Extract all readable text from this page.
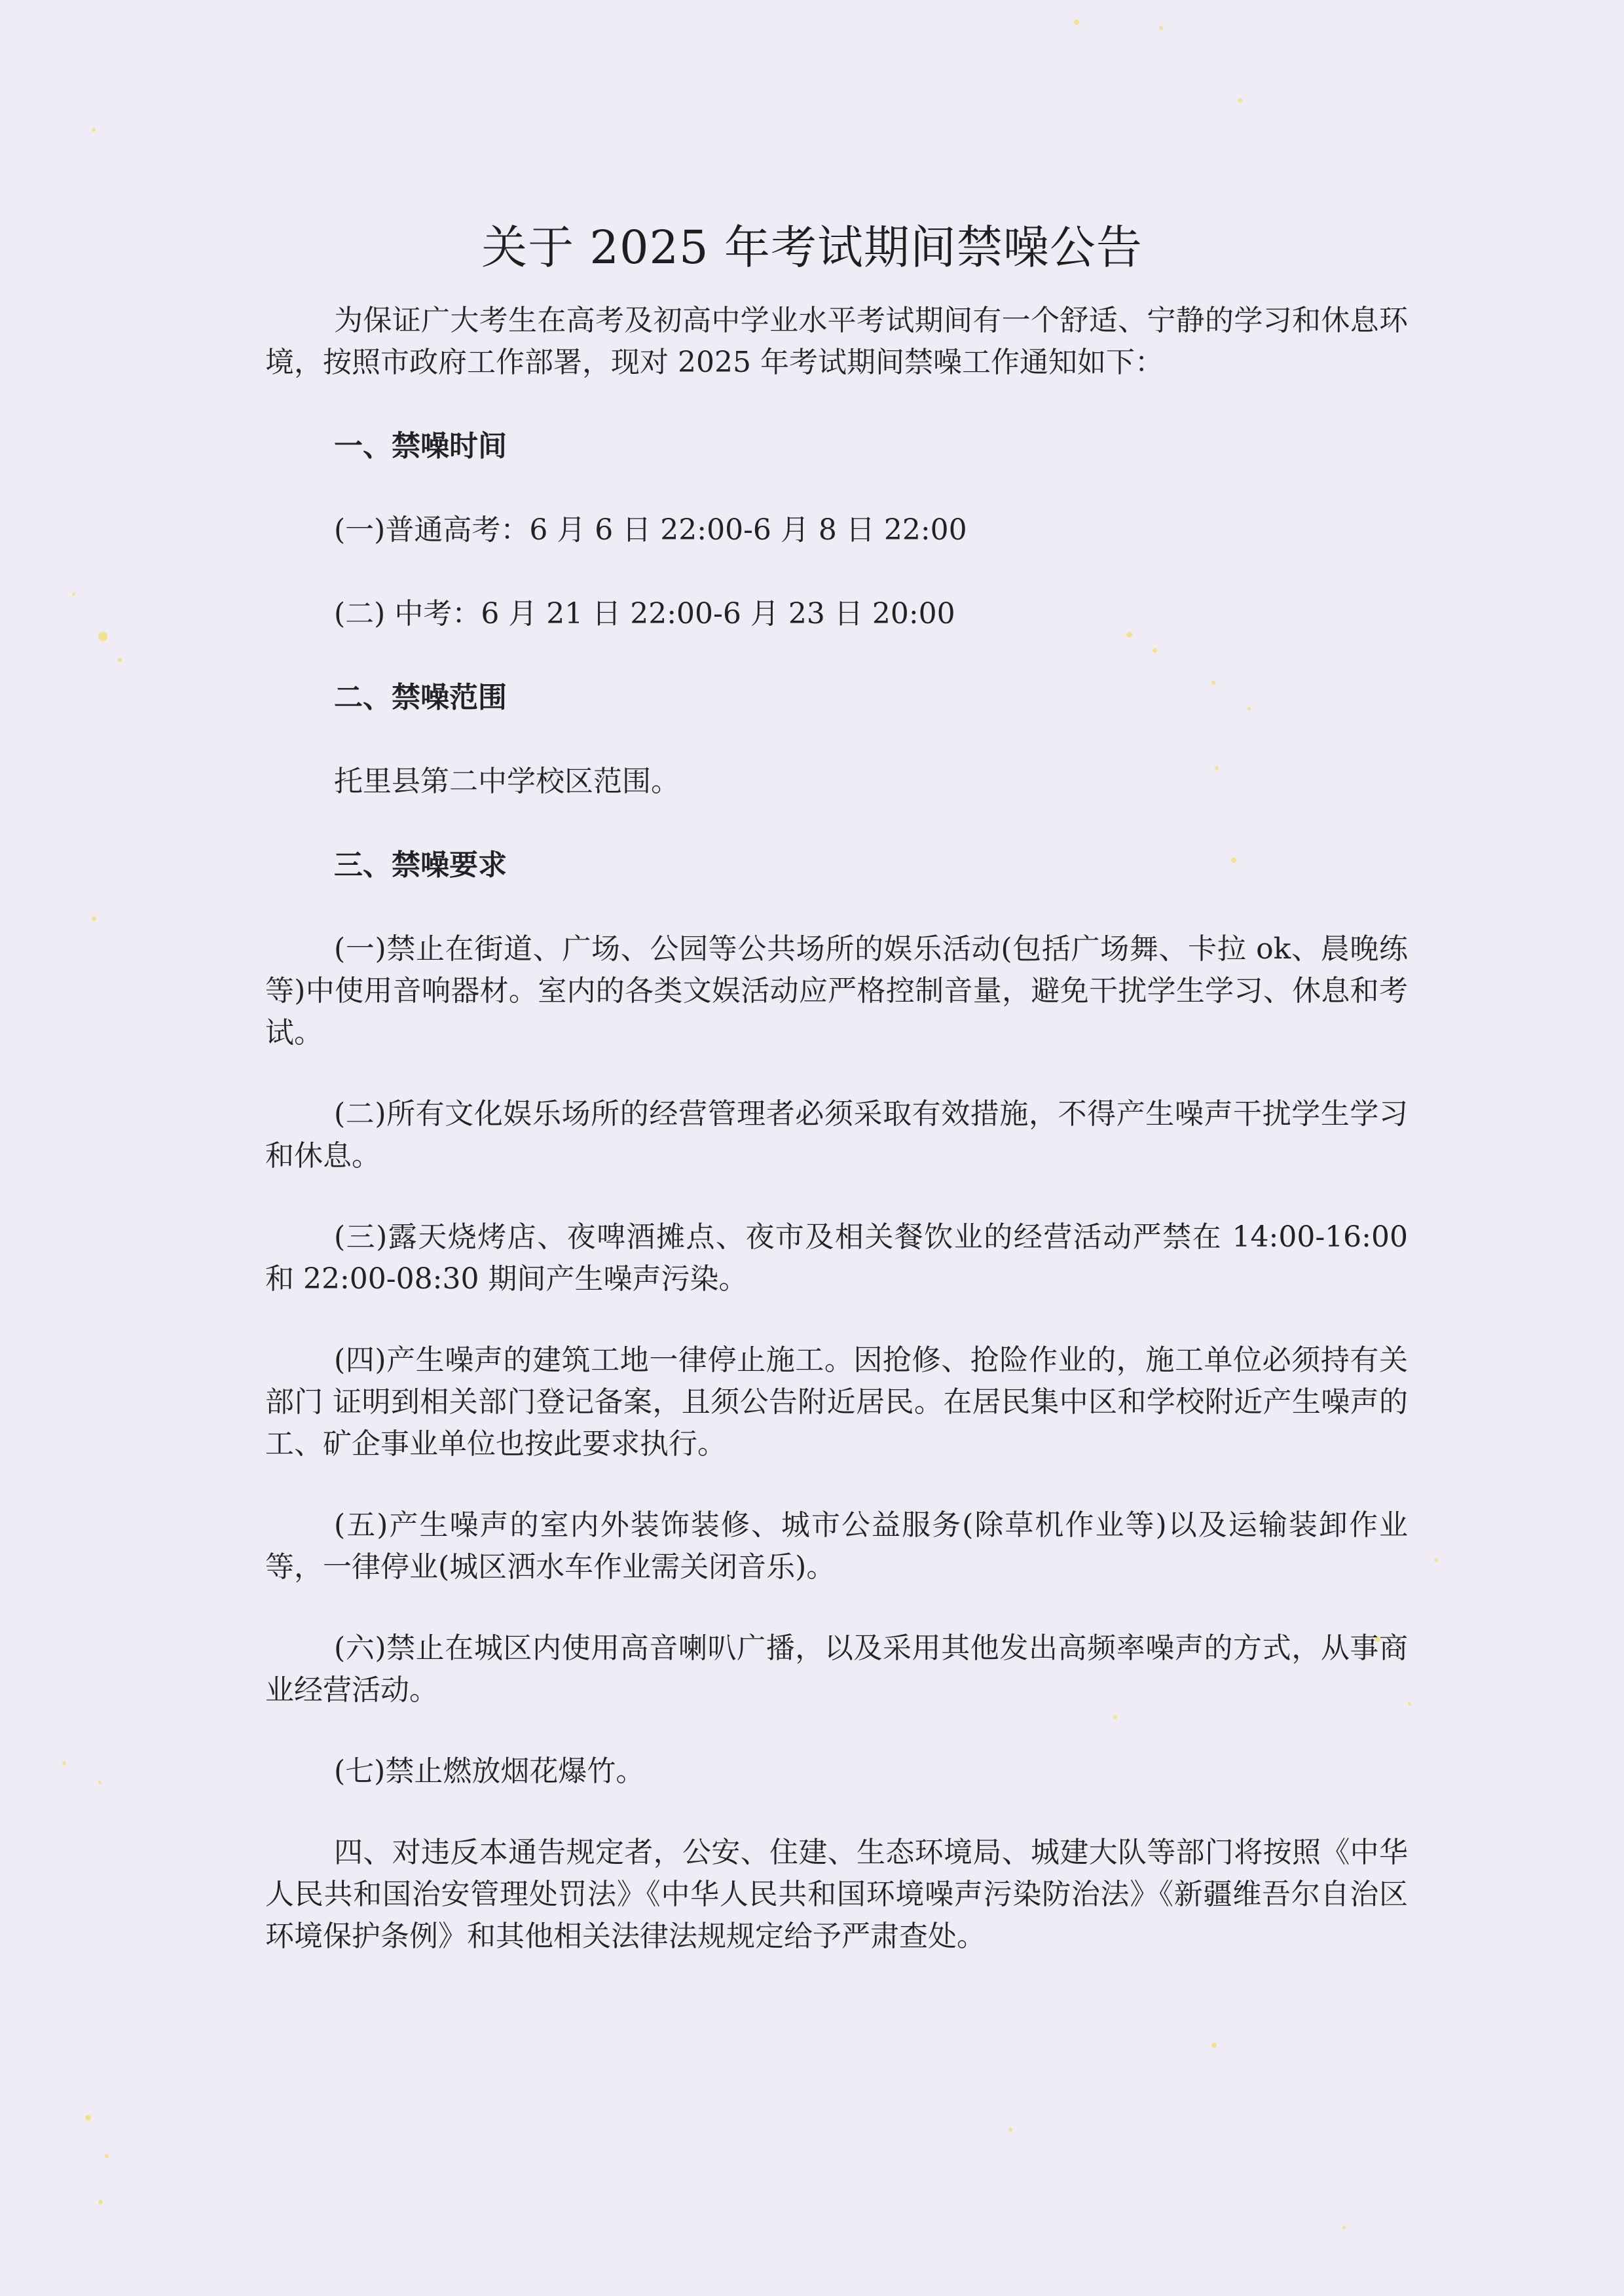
关于 2025 年考试期间禁噪公告

为保证广大考生在高考及初高中学业水平考试期间有一个舒适、宁静的学习和休息环境，按照市政府工作部署，现对 2025 年考试期间禁噪工作通知如下：

一、禁噪时间

(一)普通高考：6 月 6 日 22:00-6 月 8 日 22:00

(二) 中考：6 月 21 日 22:00-6 月 23 日 20:00

二、禁噪范围

托里县第二中学校区范围。

三、禁噪要求

(一)禁止在街道、广场、公园等公共场所的娱乐活动(包括广场舞、卡拉 ok、晨晚练等)中使用音响器材。室内的各类文娱活动应严格控制音量，避免干扰学生学习、休息和考试。

(二)所有文化娱乐场所的经营管理者必须采取有效措施，不得产生噪声干扰学生学习和休息。

(三)露天烧烤店、夜啤酒摊点、夜市及相关餐饮业的经营活动严禁在 14:00-16:00 和 22:00-08:30 期间产生噪声污染。

(四)产生噪声的建筑工地一律停止施工。因抢修、抢险作业的，施工单位必须持有关部门 证明到相关部门登记备案，且须公告附近居民。在居民集中区和学校附近产生噪声的工、矿企事业单位也按此要求执行。

(五)产生噪声的室内外装饰装修、城市公益服务(除草机作业等)以及运输装卸作业等，一律停业(城区洒水车作业需关闭音乐)。

(六)禁止在城区内使用高音喇叭广播，以及采用其他发出高频率噪声的方式，从事商业经营活动。

(七)禁止燃放烟花爆竹。

四、对违反本通告规定者，公安、住建、生态环境局、城建大队等部门将按照《中华人民共和国治安管理处罚法》《中华人民共和国环境噪声污染防治法》《新疆维吾尔自治区环境保护条例》和其他相关法律法规规定给予严肃查处。
